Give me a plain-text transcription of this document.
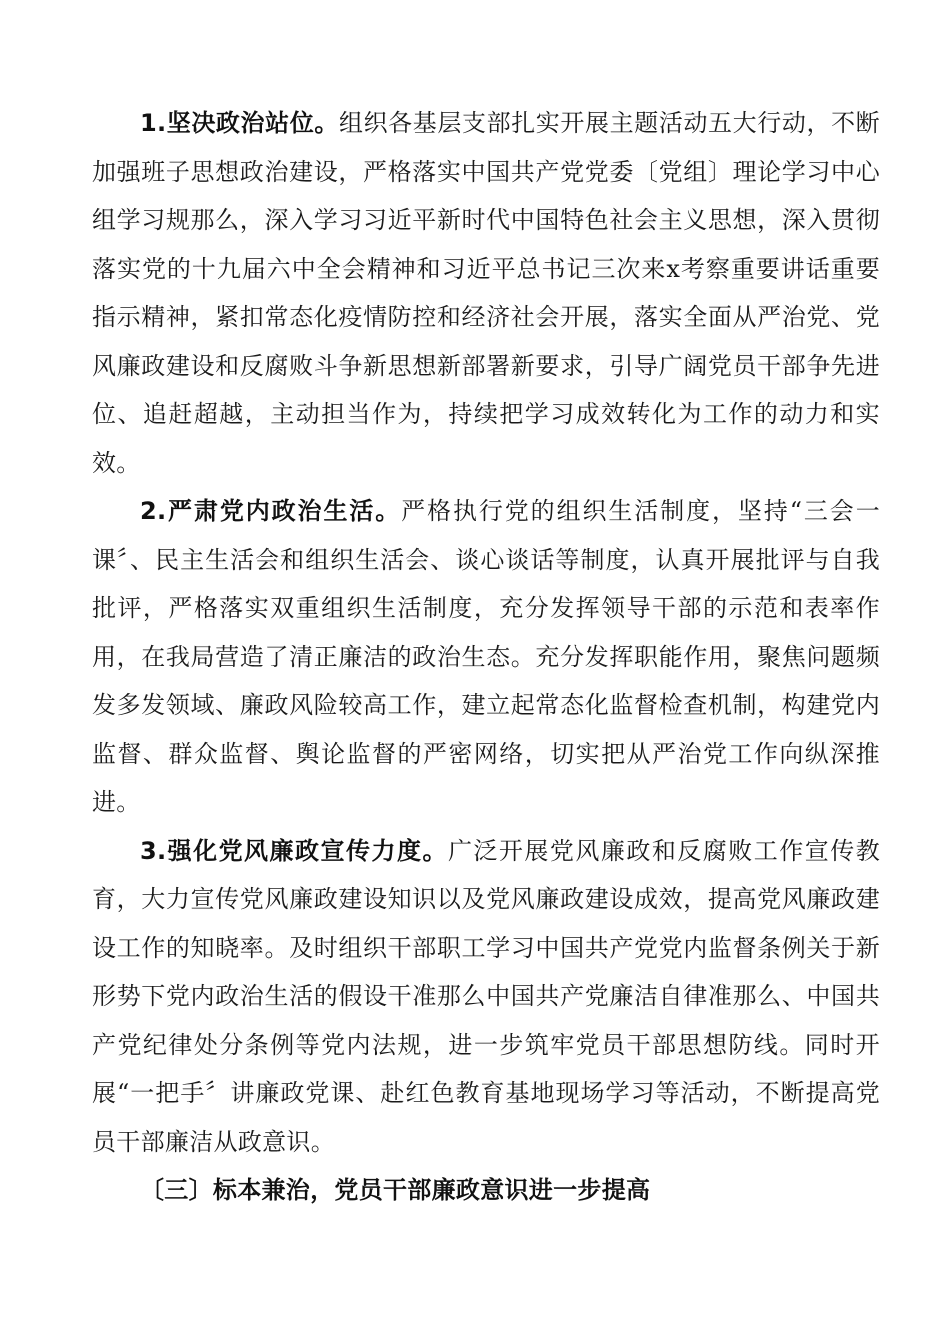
1.坚决政治站位。组织各基层支部扎实开展主题活动五大行动，不断加强班子思想政治建设，严格落实中国共产党党委〔党组〕理论学习中心组学习规那么，深入学习习近平新时代中国特色社会主义思想，深入贯彻落实党的十九届六中全会精神和习近平总书记三次来x考察重要讲话重要指示精神，紧扣常态化疫情防控和经济社会开展，落实全面从严治党、党风廉政建设和反腐败斗争新思想新部署新要求，引导广阔党员干部争先进位、追赶超越，主动担当作为，持续把学习成效转化为工作的动力和实效。

2.严肃党内政治生活。严格执行党的组织生活制度，坚持“三会一课〞、民主生活会和组织生活会、谈心谈话等制度，认真开展批评与自我批评，严格落实双重组织生活制度，充分发挥领导干部的示范和表率作用，在我局营造了清正廉洁的政治生态。充分发挥职能作用，聚焦问题频发多发领域、廉政风险较高工作，建立起常态化监督检查机制，构建党内监督、群众监督、舆论监督的严密网络，切实把从严治党工作向纵深推进。

3.强化党风廉政宣传力度。广泛开展党风廉政和反腐败工作宣传教育，大力宣传党风廉政建设知识以及党风廉政建设成效，提高党风廉政建设工作的知晓率。及时组织干部职工学习中国共产党党内监督条例关于新形势下党内政治生活的假设干准那么中国共产党廉洁自律准那么、中国共产党纪律处分条例等党内法规，进一步筑牢党员干部思想防线。同时开展“一把手〞讲廉政党课、赴红色教育基地现场学习等活动，不断提高党员干部廉洁从政意识。

〔三〕标本兼治，党员干部廉政意识进一步提高
